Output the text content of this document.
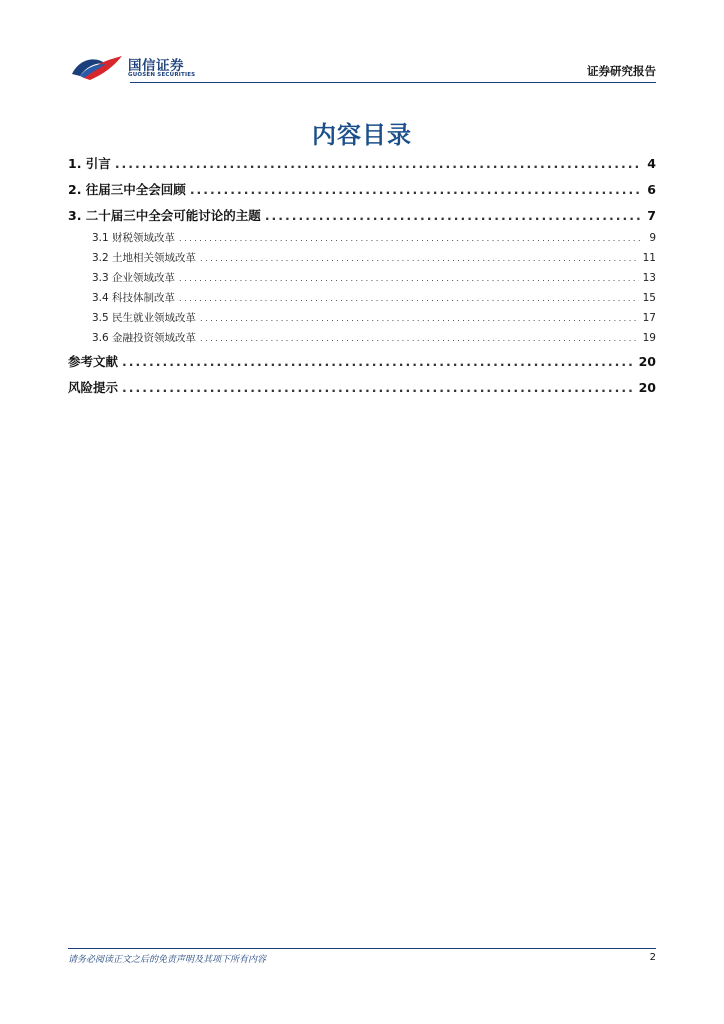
国信证券
GUOSEN SECURITIES	证券研究报告
内容目录
1. 引言 .....	4
2. 往届三中全会回顾 .....	6
3. 二十届三中全会可能讨论的主题 .....	7
3.1 财税领域改革 .....	9
3.2 土地相关领域改革 .....	11
3.3 企业领域改革 .....	13
3.4 科技体制改革 .....	15
3.5 民生就业领域改革 .....	17
3.6 金融投资领域改革 .....	19
参考文献 .....	20
风险提示 .....	20
请务必阅读正文之后的免责声明及其项下所有内容	2
